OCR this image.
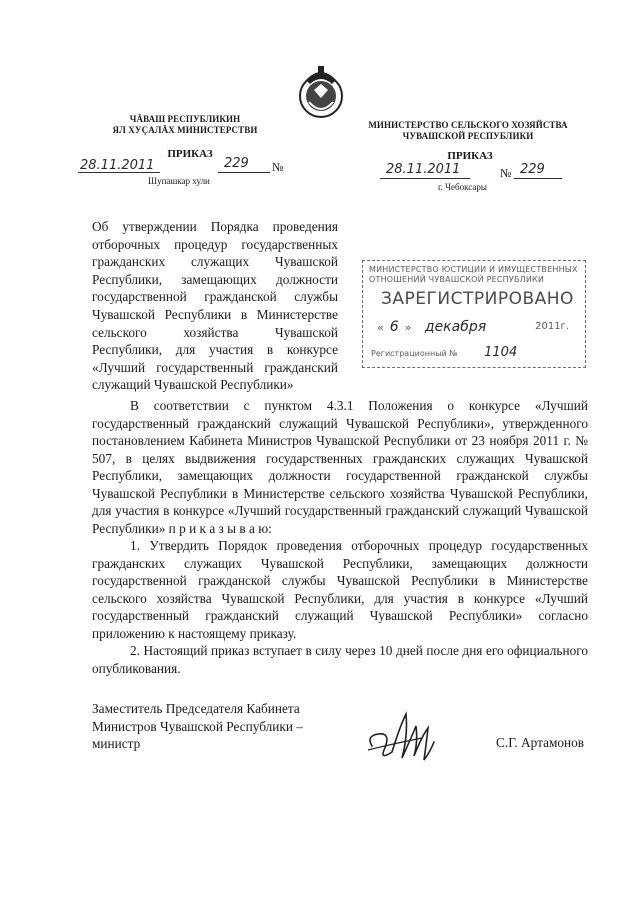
ЧĂВАШ РЕСПУБЛИКИН
ЯЛ ХУÇАЛĂХ МИНИСТЕРСТВИ	МИНИСТЕРСТВО СЕЛЬСКОГО ХОЗЯЙСТВА
ЧУВАШСКОЙ РЕСПУБЛИКИ
ПРИКАЗ
28.11.2011	229 №
Шупашкар хули
ПРИКАЗ
28.11.2011	№ 229
г. Чебоксары
Об утверждении Порядка проведения отборочных процедур государственных гражданских служащих Чувашской Республики, замещающих должности государственной гражданской службы Чувашской Республики в Министерстве сельского хозяйства Чувашской Республики, для участия в конкурсе «Лучший государственный гражданский служащий Чувашской Республики»
МИНИСТЕРСТВО ЮСТИЦИИ И ИМУЩЕСТВЕННЫХ
ОТНОШЕНИЙ ЧУВАШСКОЙ РЕСПУБЛИКИ
ЗАРЕГИСТРИРОВАНО
« 6 » декабря	2011г.
Регистрационный № 1104

В соответствии с пунктом 4.3.1 Положения о конкурсе «Лучший государственный гражданский служащий Чувашской Республики», утвержденного постановлением Кабинета Министров Чувашской Республики от 23 ноября 2011 г. № 507, в целях выдвижения государственных гражданских служащих Чувашской Республики, замещающих должности государственной гражданской службы Чувашской Республики в Министерстве сельского хозяйства Чувашской Республики, для участия в конкурсе «Лучший государственный гражданский служащий Чувашской Республики» п р и к а з ы в а ю:

1. Утвердить Порядок проведения отборочных процедур государственных гражданских служащих Чувашской Республики, замещающих должности государственной гражданской службы Чувашской Республики в Министерстве сельского хозяйства Чувашской Республики, для участия в конкурсе «Лучший государственный гражданский служащий Чувашской Республики» согласно приложению к настоящему приказу.

2. Настоящий приказ вступает в силу через 10 дней после дня его официального опубликования.

Заместитель Председателя Кабинета
Министров Чувашской Республики –
министр	С.Г. Артамонов
